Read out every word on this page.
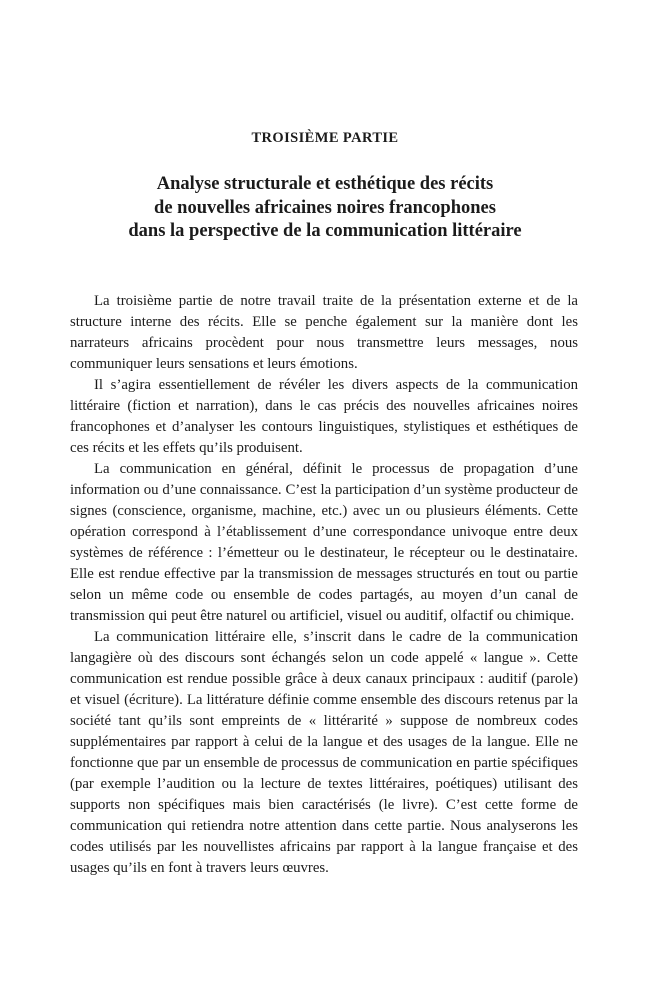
TROISIÈME PARTIE
Analyse structurale et esthétique des récits
de nouvelles africaines noires francophones
dans la perspective de la communication littéraire

La troisième partie de notre travail traite de la présentation externe et de la structure interne des récits. Elle se penche également sur la manière dont les narrateurs africains procèdent pour nous transmettre leurs messages, nous communiquer leurs sensations et leurs émotions.

Il s’agira essentiellement de révéler les divers aspects de la communication littéraire (fiction et narration), dans le cas précis des nouvelles africaines noires francophones et d’analyser les contours linguistiques, stylistiques et esthétiques de ces récits et les effets qu’ils produisent.

La communication en général, définit le processus de propagation d’une information ou d’une connaissance. C’est la participation d’un système producteur de signes (conscience, organisme, machine, etc.) avec un ou plusieurs éléments. Cette opération correspond à l’établissement d’une correspondance univoque entre deux systèmes de référence : l’émetteur ou le destinateur, le récepteur ou le destinataire. Elle est rendue effective par la transmission de messages structurés en tout ou partie selon un même code ou ensemble de codes partagés, au moyen d’un canal de transmission qui peut être naturel ou artificiel, visuel ou auditif, olfactif ou chimique.

La communication littéraire elle, s’inscrit dans le cadre de la communication langagière où des discours sont échangés selon un code appelé « langue ». Cette communication est rendue possible grâce à deux canaux principaux : auditif (parole) et visuel (écriture). La littérature définie comme ensemble des discours retenus par la société tant qu’ils sont empreints de « littérarité » suppose de nombreux codes supplémentaires par rapport à celui de la langue et des usages de la langue. Elle ne fonctionne que par un ensemble de processus de communication en partie spécifiques (par exemple l’audition ou la lecture de textes littéraires, poétiques) utilisant des supports non spécifiques mais bien caractérisés (le livre). C’est cette forme de communication qui retiendra notre attention dans cette partie. Nous analyserons les codes utilisés par les nouvellistes africains par rapport à la langue française et des usages qu’ils en font à travers leurs œuvres.
